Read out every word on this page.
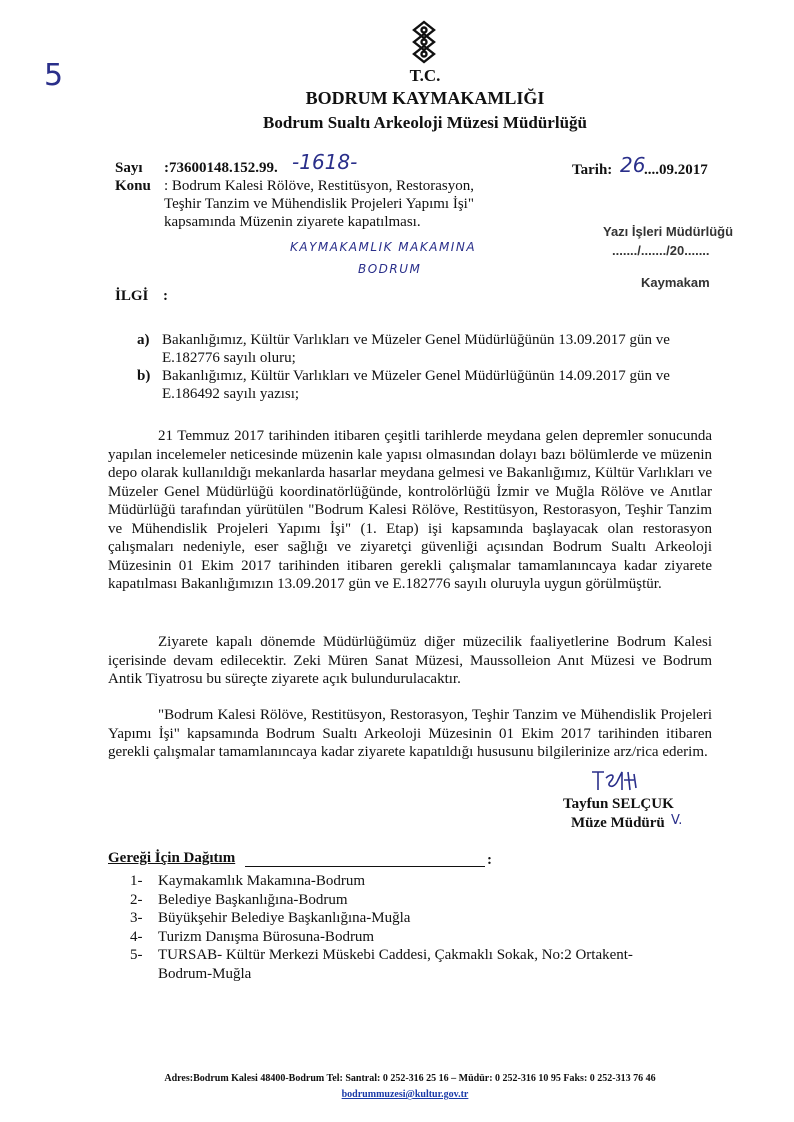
5	T.C.
BODRUM KAYMAKAMLIĞI
Bodrum Sualtı Arkeoloji Müzesi Müdürlüğü
Sayı :73600148.152.99. -1618-
Konu : Bodrum Kalesi Rölöve, Restitüsyon, Restorasyon,
Teşhir Tanzim ve Mühendislik Projeleri Yapımı İşi"
kapsamında Müzenin ziyarete kapatılması.
Tarih: 26
....09.2017
Yazı İşleri Müdürlüğü
......./......./20.......
Kaymakam
KAYMAKAMLIK MAKAMINA
BODRUM
İLGİ :
a) Bakanlığımız, Kültür Varlıkları ve Müzeler Genel Müdürlüğünün 13.09.2017 gün ve
E.182776 sayılı oluru;
b) Bakanlığımız, Kültür Varlıkları ve Müzeler Genel Müdürlüğünün 14.09.2017 gün ve
E.186492 sayılı yazısı;
21 Temmuz 2017 tarihinden itibaren çeşitli tarihlerde meydana gelen depremler sonucunda yapılan incelemeler neticesinde müzenin kale yapısı olmasından dolayı bazı bölümlerde ve müzenin depo olarak kullanıldığı mekanlarda hasarlar meydana gelmesi ve Bakanlığımız, Kültür Varlıkları ve Müzeler Genel Müdürlüğü koordinatörlüğünde, kontrolörlüğü İzmir ve Muğla Rölöve ve Anıtlar Müdürlüğü tarafından yürütülen "Bodrum Kalesi Rölöve, Restitüsyon, Restorasyon, Teşhir Tanzim ve Mühendislik Projeleri Yapımı İşi" (1. Etap) işi kapsamında başlayacak olan restorasyon çalışmaları nedeniyle, eser sağlığı ve ziyaretçi güvenliği açısından Bodrum Sualtı Arkeoloji Müzesinin 01 Ekim 2017 tarihinden itibaren gerekli çalışmalar tamamlanıncaya kadar ziyarete kapatılması Bakanlığımızın 13.09.2017 gün ve E.182776 sayılı oluruyla uygun görülmüştür.
Ziyarete kapalı dönemde Müdürlüğümüz diğer müzecilik faaliyetlerine Bodrum Kalesi içerisinde devam edilecektir. Zeki Müren Sanat Müzesi, Maussolleion Anıt Müzesi ve Bodrum Antik Tiyatrosu bu süreçte ziyarete açık bulundurulacaktır.
"Bodrum Kalesi Rölöve, Restitüsyon, Restorasyon, Teşhir Tanzim ve Mühendislik Projeleri Yapımı İşi" kapsamında Bodrum Sualtı Arkeoloji Müzesinin 01 Ekim 2017 tarihinden itibaren gerekli çalışmalar tamamlanıncaya kadar ziyarete kapatıldığı hususunu bilgilerinize arz/rica ederim.
Tayfun SELÇUK
Müze Müdürü V.
Gereği İçin Dağıtım	:
1- Kaymakamlık Makamına-Bodrum
2- Belediye Başkanlığına-Bodrum
3- Büyükşehir Belediye Başkanlığına-Muğla
4- Turizm Danışma Bürosuna-Bodrum
5- TURSAB- Kültür Merkezi Müskebi Caddesi, Çakmaklı Sokak, No:2 Ortakent-
Bodrum-Muğla
Adres:Bodrum Kalesi 48400-Bodrum Tel: Santral: 0 252-316 25 16 – Müdür: 0 252-316 10 95 Faks: 0 252-313 76 46
bodrummuzesi@kultur.gov.tr
